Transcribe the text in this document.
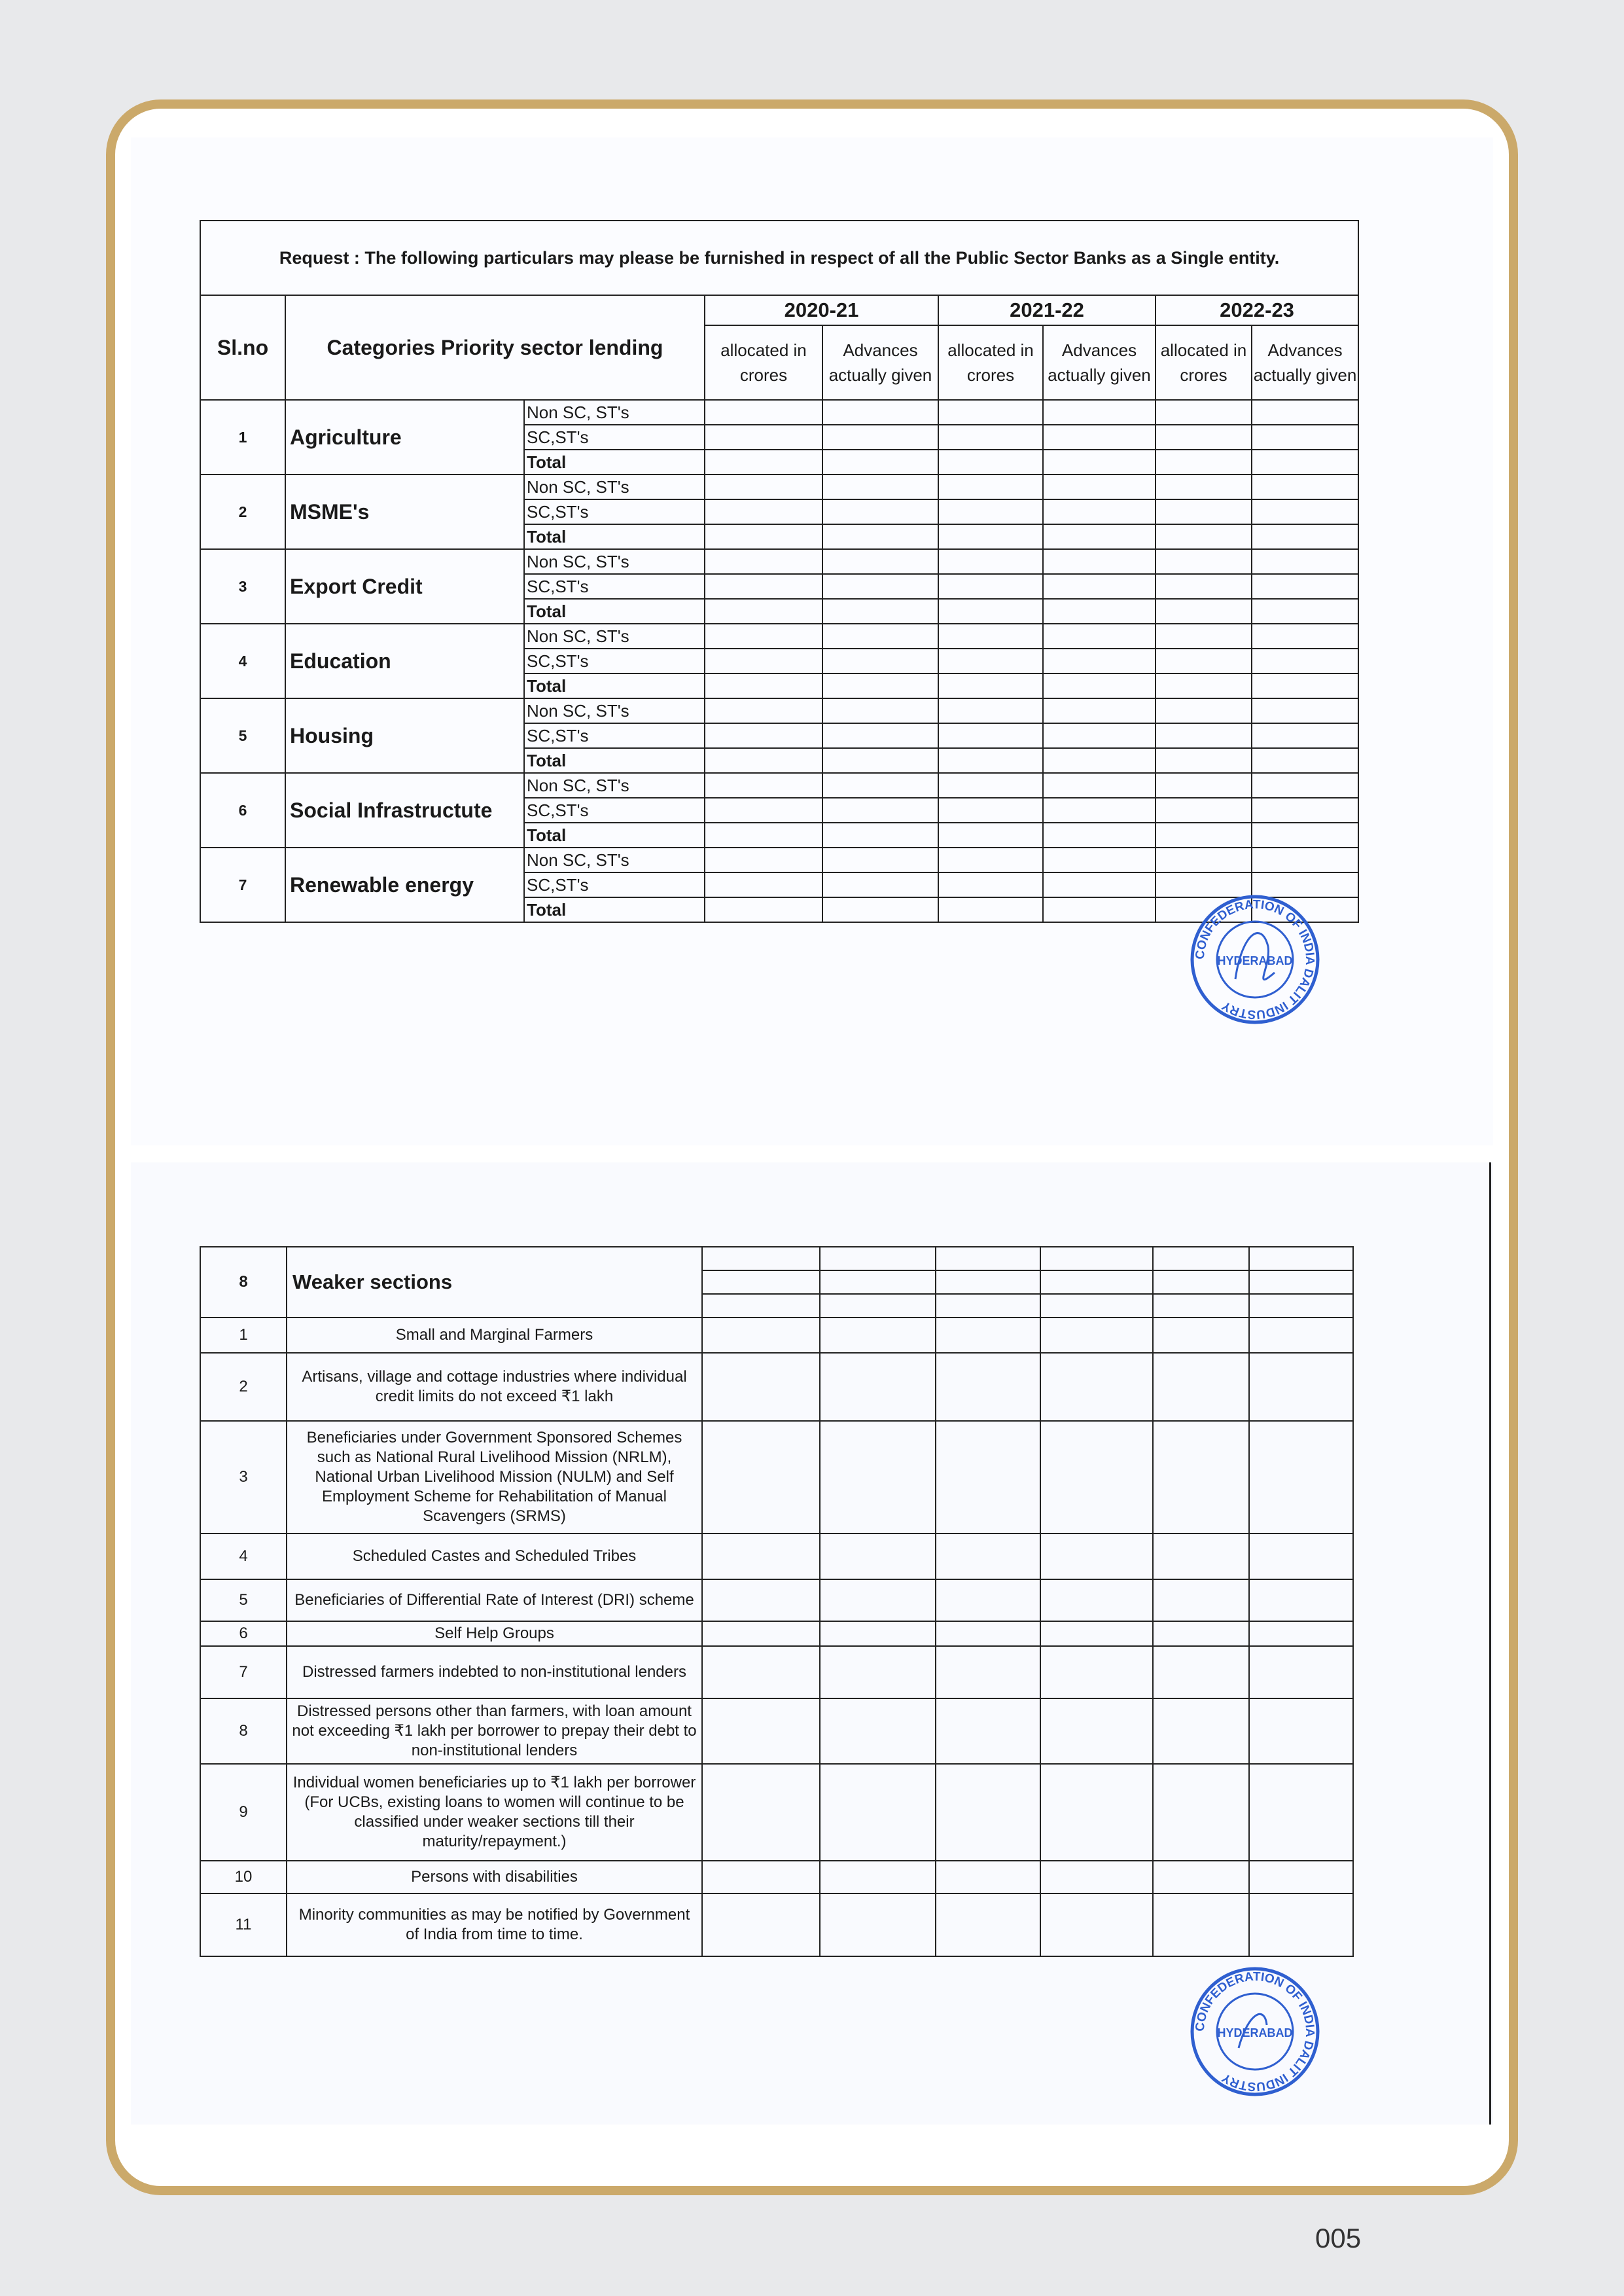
Request : The following particulars may please be furnished in respect of all the Public Sector Banks as a Single entity.								
Sl.no	Categories Priority sector lending		2020-21		2021-22		2022-23	
			allocated in crores	Advances actually given	allocated in crores	Advances actually given	allocated in crores	Advances actually given
1	Agriculture	Non SC, ST's						
		SC,ST's						
		Total						
2	MSME's	Non SC, ST's						
		SC,ST's						
		Total						
3	Export Credit	Non SC, ST's						
		SC,ST's						
		Total						
4	Education	Non SC, ST's						
		SC,ST's						
		Total						
5	Housing	Non SC, ST's						
		SC,ST's						
		Total						
6	Social Infrastructute	Non SC, ST's						
		SC,ST's						
		Total						
7	Renewable energy	Non SC, ST's						
		SC,ST's						
		Total						
8	Weaker sections						

1	Small and Marginal Farmers						
2	Artisans, village and cottage industries where individual credit limits do not exceed ₹1 lakh						
3	Beneficiaries under Government Sponsored Schemes such as National Rural Livelihood Mission (NRLM), National Urban Livelihood Mission (NULM) and Self Employment Scheme for Rehabilitation of Manual Scavengers (SRMS)						
4	Scheduled Castes and Scheduled Tribes						
5	Beneficiaries of Differential Rate of Interest (DRI) scheme						
6	Self Help Groups						
7	Distressed farmers indebted to non-institutional lenders						
8	Distressed persons other than farmers, with loan amount not exceeding ₹1 lakh per borrower to prepay their debt to non-institutional lenders						
9	Individual women beneficiaries up to ₹1 lakh per borrower (For UCBs, existing loans to women will continue to be classified under weaker sections till their maturity/repayment.)						
10	Persons with disabilities						
11	Minority communities as may be notified by Government of India from time to time.						
CONFEDERATION OF INDIA DALIT INDUSTRY
HYDERABAD
CONFEDERATION OF INDIA DALIT INDUSTRY
HYDERABAD
005
